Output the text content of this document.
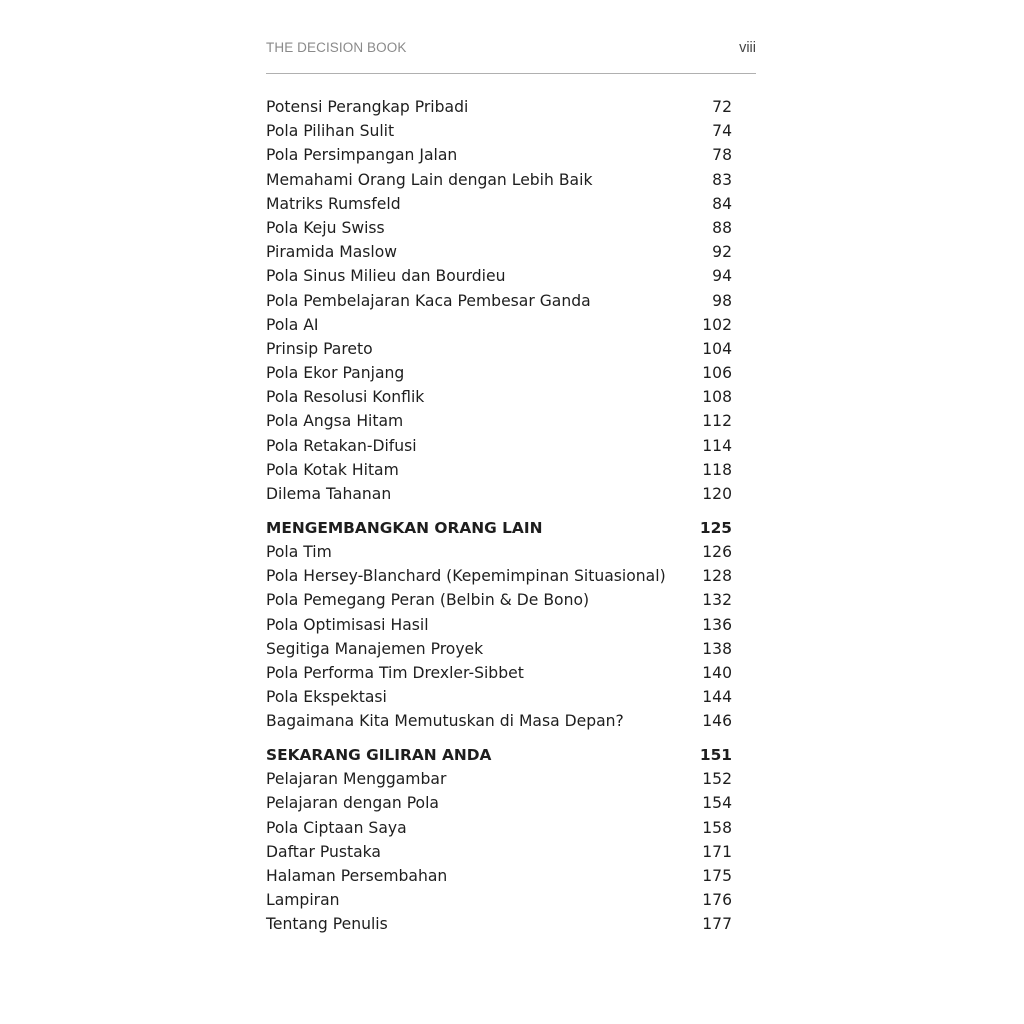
THE DECISION BOOK	viii
Potensi Perangkap Pribadi	72
Pola Pilihan Sulit	74
Pola Persimpangan Jalan	78
Memahami Orang Lain dengan Lebih Baik	83
Matriks Rumsfeld	84
Pola Keju Swiss	88
Piramida Maslow	92
Pola Sinus Milieu dan Bourdieu	94
Pola Pembelajaran Kaca Pembesar Ganda	98
Pola AI	102
Prinsip Pareto	104
Pola Ekor Panjang	106
Pola Resolusi Konflik	108
Pola Angsa Hitam	112
Pola Retakan-Difusi	114
Pola Kotak Hitam	118
Dilema Tahanan	120
MENGEMBANGKAN ORANG LAIN	125
Pola Tim	126
Pola Hersey-Blanchard (Kepemimpinan Situasional) 128
Pola Pemegang Peran (Belbin & De Bono)	132
Pola Optimisasi Hasil	136
Segitiga Manajemen Proyek	138
Pola Performa Tim Drexler-Sibbet	140
Pola Ekspektasi	144
Bagaimana Kita Memutuskan di Masa Depan?	146
SEKARANG GILIRAN ANDA	151
Pelajaran Menggambar	152
Pelajaran dengan Pola	154
Pola Ciptaan Saya	158
Daftar Pustaka	171
Halaman Persembahan	175
Lampiran	176
Tentang Penulis	177
